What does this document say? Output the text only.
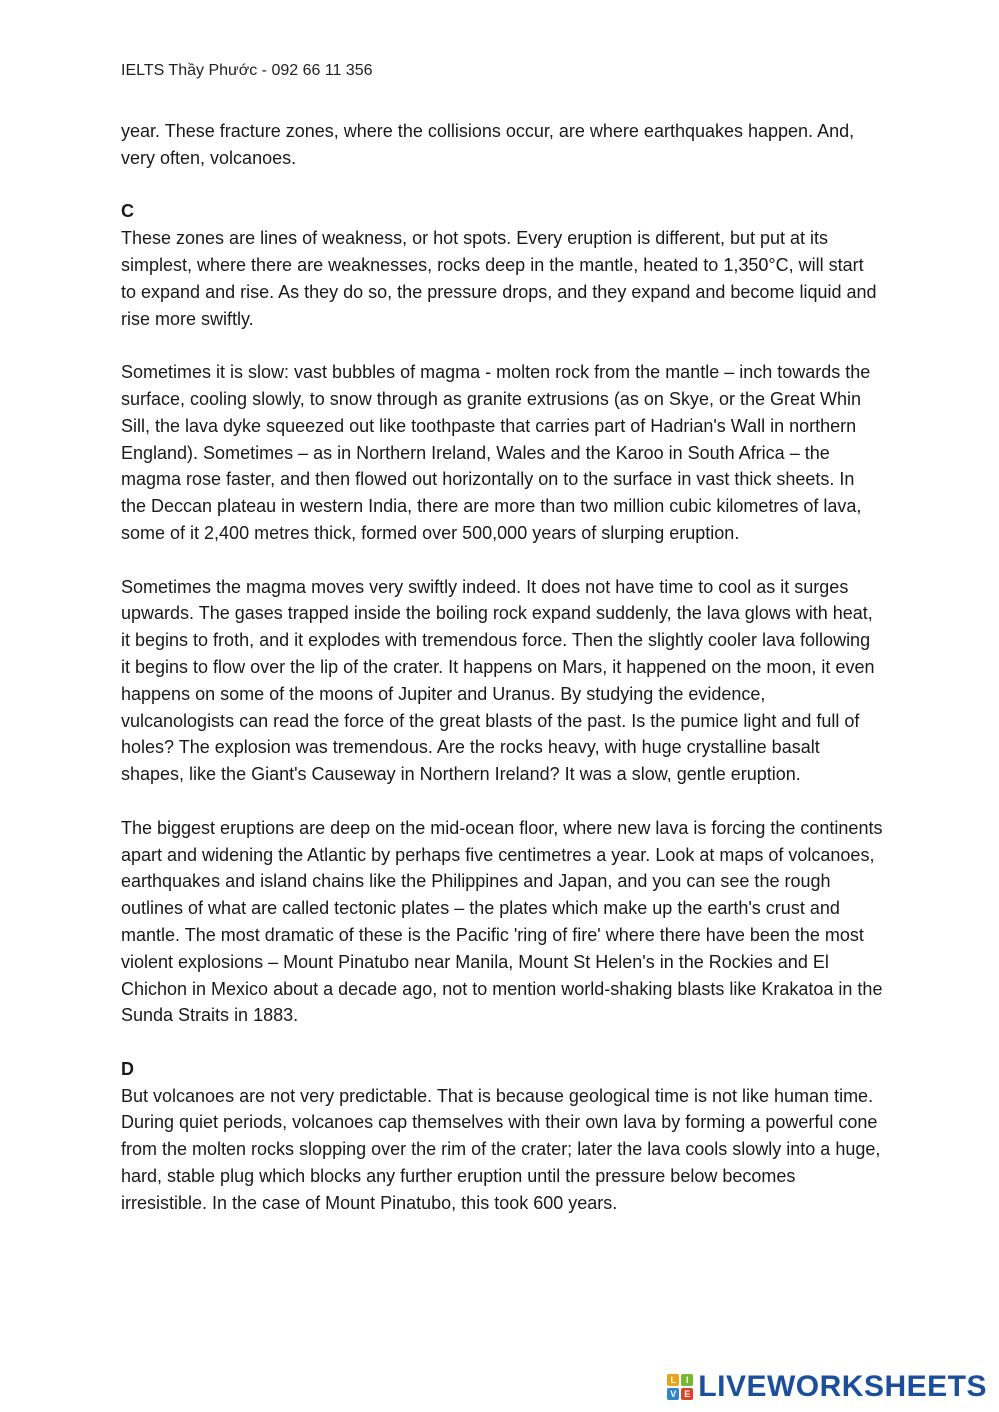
IELTS Thầy Phước - 092 66 11 356

year. These fracture zones, where the collisions occur, are where earthquakes happen. And, very often, volcanoes.

C

These zones are lines of weakness, or hot spots. Every eruption is different, but put at its simplest, where there are weaknesses, rocks deep in the mantle, heated to 1,350°C, will start to expand and rise. As they do so, the pressure drops, and they expand and become liquid and rise more swiftly.

Sometimes it is slow: vast bubbles of magma - molten rock from the mantle – inch towards the surface, cooling slowly, to snow through as granite extrusions (as on Skye, or the Great Whin Sill, the lava dyke squeezed out like toothpaste that carries part of Hadrian's Wall in northern England). Sometimes – as in Northern Ireland, Wales and the Karoo in South Africa – the magma rose faster, and then flowed out horizontally on to the surface in vast thick sheets. In the Deccan plateau in western India, there are more than two million cubic kilometres of lava, some of it 2,400 metres thick, formed over 500,000 years of slurping eruption.

Sometimes the magma moves very swiftly indeed. It does not have time to cool as it surges upwards. The gases trapped inside the boiling rock expand suddenly, the lava glows with heat, it begins to froth, and it explodes with tremendous force. Then the slightly cooler lava following it begins to flow over the lip of the crater. It happens on Mars, it happened on the moon, it even happens on some of the moons of Jupiter and Uranus. By studying the evidence, vulcanologists can read the force of the great blasts of the past. Is the pumice light and full of holes? The explosion was tremendous. Are the rocks heavy, with huge crystalline basalt shapes, like the Giant's Causeway in Northern Ireland? It was a slow, gentle eruption.

The biggest eruptions are deep on the mid-ocean floor, where new lava is forcing the continents apart and widening the Atlantic by perhaps five centimetres a year. Look at maps of volcanoes, earthquakes and island chains like the Philippines and Japan, and you can see the rough outlines of what are called tectonic plates – the plates which make up the earth's crust and mantle. The most dramatic of these is the Pacific 'ring of fire' where there have been the most violent explosions – Mount Pinatubo near Manila, Mount St Helen's in the Rockies and El Chichon in Mexico about a decade ago, not to mention world-shaking blasts like Krakatoa in the Sunda Straits in 1883.

D

But volcanoes are not very predictable. That is because geological time is not like human time. During quiet periods, volcanoes cap themselves with their own lava by forming a powerful cone from the molten rocks slopping over the rim of the crater; later the lava cools slowly into a huge, hard, stable plug which blocks any further eruption until the pressure below becomes irresistible. In the case of Mount Pinatubo, this took 600 years.

L	I
V E LIVEWORKSHEETS
